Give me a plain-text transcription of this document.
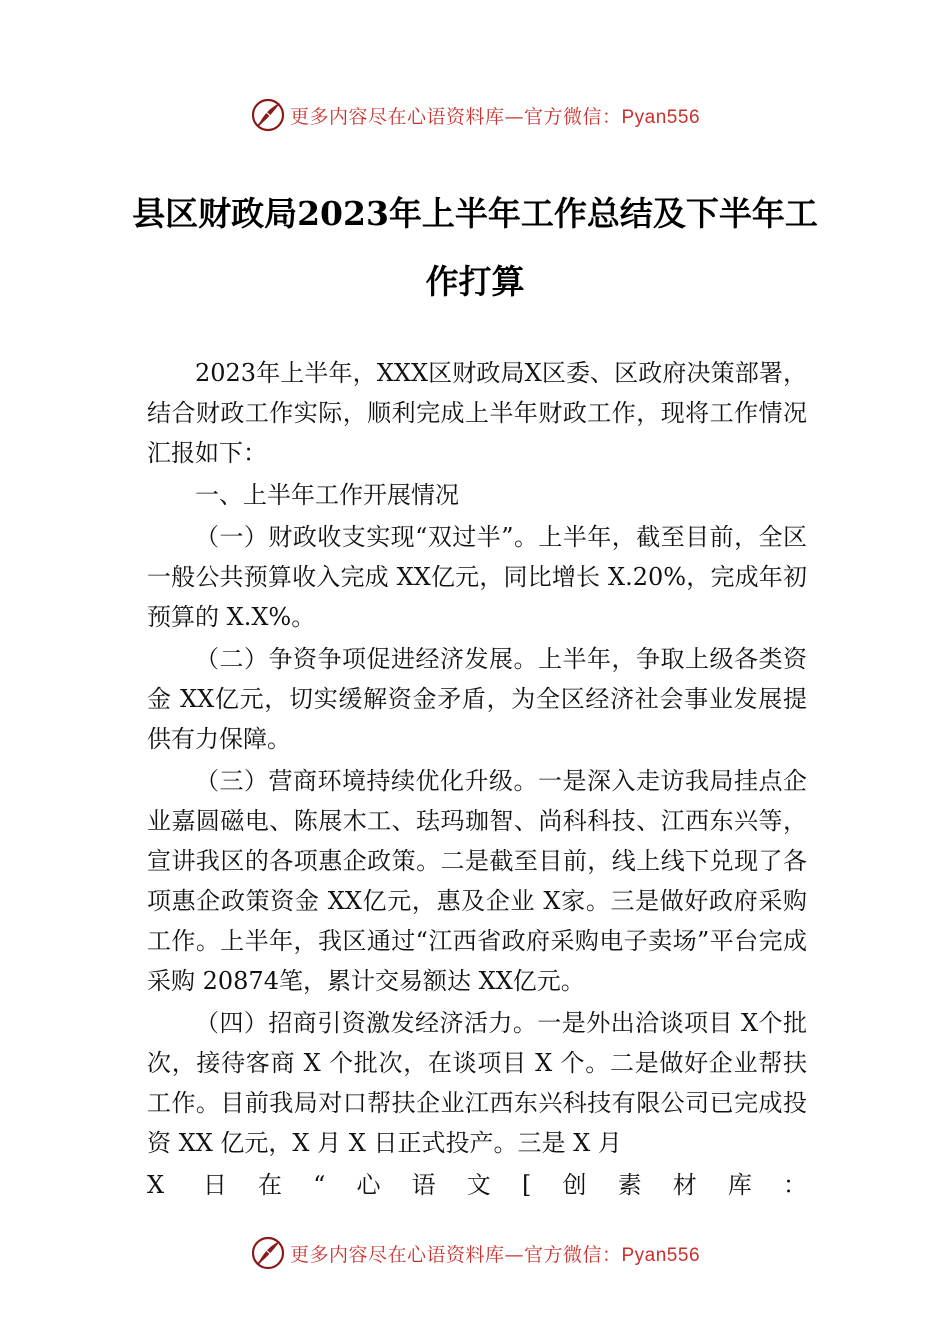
更多内容尽在心语资料库—官方微信：Pyan556
县区财政局2023年上半年工作总结及下半年工作打算

2023年上半年，XXX区财政局X区委、区政府决策部署，结合财政工作实际，顺利完成上半年财政工作，现将工作情况汇报如下：

一、上半年工作开展情况

（一）财政收支实现“双过半”。上半年，截至目前，全区一般公共预算收入完成 XX亿元，同比增长 X.20%，完成年初预算的 X.X%。

（二）争资争项促进经济发展。上半年，争取上级各类资金 XX亿元，切实缓解资金矛盾，为全区经济社会事业发展提供有力保障。

（三）营商环境持续优化升级。一是深入走访我局挂点企业嘉圆磁电、陈展木工、珐玛珈智、尚科科技、江西东兴等，宣讲我区的各项惠企政策。二是截至目前，线上线下兑现了各项惠企政策资金 XX亿元，惠及企业 X家。三是做好政府采购工作。上半年，我区通过“江西省政府采购电子卖场”平台完成采购 20874笔，累计交易额达 XX亿元。

（四）招商引资激发经济活力。一是外出洽谈项目 X个批次，接待客商 X 个批次，在谈项目 X 个。二是做好企业帮扶工作。目前我局对口帮扶企业江西东兴科技有限公司已完成投资 XX 亿元，X 月 X 日正式投产。三是 X 月

X 日在“心语文[创素材库：

更多内容尽在心语资料库—官方微信：Pyan556
